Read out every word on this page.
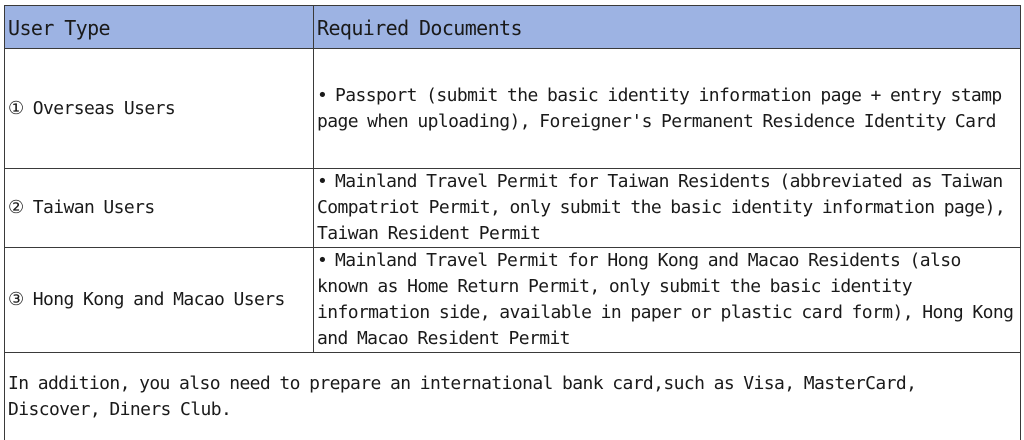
User Type	Required Documents
① Overseas Users	• Passport (submit the basic identity information page + entry stamp page when uploading), Foreigner's Permanent Residence Identity Card

② Taiwan Users	• Mainland Travel Permit for Taiwan Residents (abbreviated as Taiwan Compatriot Permit, only submit the basic identity information page), Taiwan Resident Permit

③ Hong Kong and Macao Users	• Mainland Travel Permit for Hong Kong and Macao Residents (also known as Home Return Permit, only submit the basic identity information side, available in paper or plastic card form), Hong Kong and Macao Resident Permit

In addition, you also need to prepare an international bank card,such as Visa, MasterCard, Discover, Diners Club.	
